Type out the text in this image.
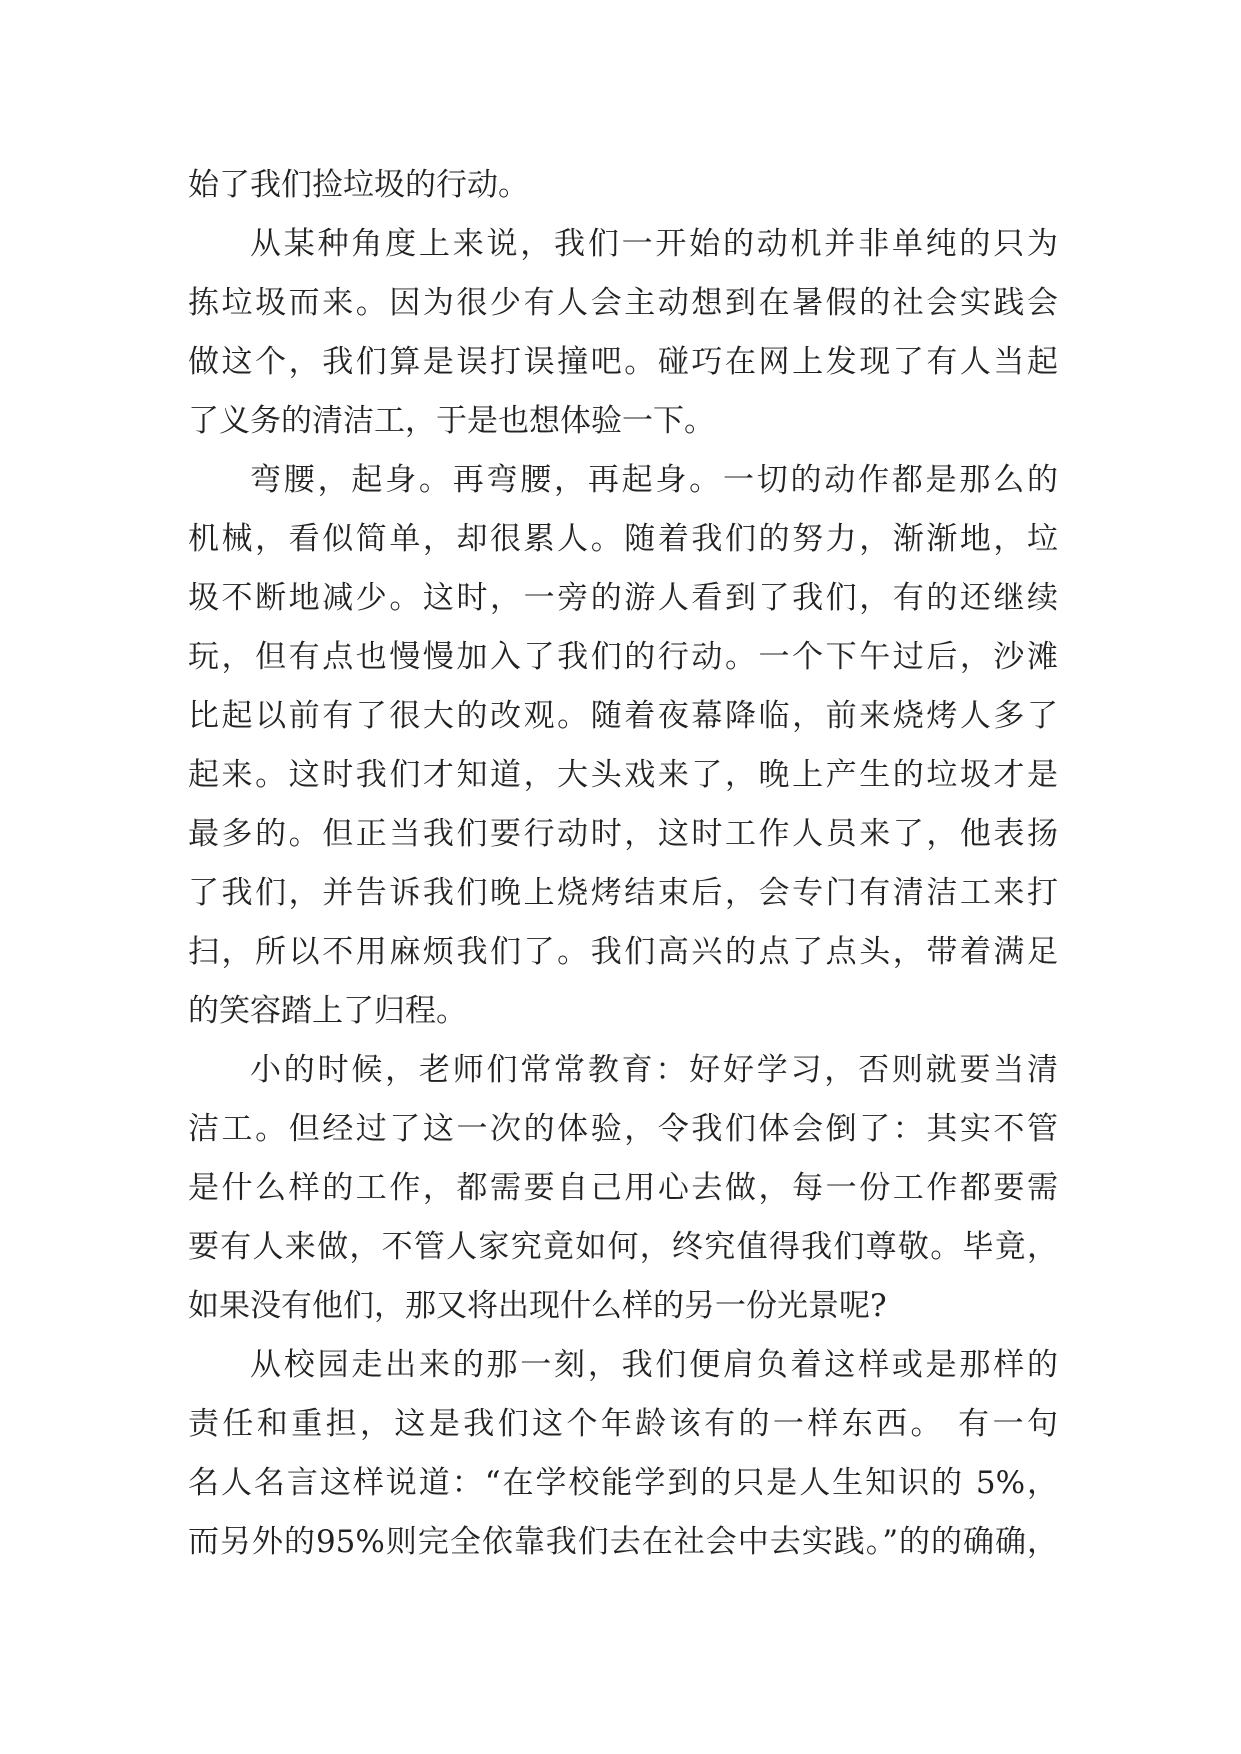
始了我们捡垃圾的行动。
从某种角度上来说，我们一开始的动机并非单纯的只为
拣垃圾而来。因为很少有人会主动想到在暑假的社会实践会
做这个，我们算是误打误撞吧。碰巧在网上发现了有人当起
了义务的清洁工，于是也想体验一下。
弯腰，起身。再弯腰，再起身。一切的动作都是那么的
机械，看似简单，却很累人。随着我们的努力，渐渐地，垃
圾不断地减少。这时，一旁的游人看到了我们，有的还继续
玩，但有点也慢慢加入了我们的行动。一个下午过后，沙滩
比起以前有了很大的改观。随着夜幕降临，前来烧烤人多了
起来。这时我们才知道，大头戏来了，晚上产生的垃圾才是
最多的。但正当我们要行动时，这时工作人员来了，他表扬
了我们，并告诉我们晚上烧烤结束后，会专门有清洁工来打
扫，所以不用麻烦我们了。我们高兴的点了点头，带着满足
的笑容踏上了归程。
小的时候，老师们常常教育：好好学习，否则就要当清
洁工。但经过了这一次的体验，令我们体会倒了：其实不管
是什么样的工作，都需要自己用心去做，每一份工作都要需
要有人来做，不管人家究竟如何，终究值得我们尊敬。毕竟，
如果没有他们，那又将出现什么样的另一份光景呢?
从校园走出来的那一刻，我们便肩负着这样或是那样的
责任和重担，这是我们这个年龄该有的一样东西。 有一句
名人名言这样说道：“在学校能学到的只是人生知识的 5%，
而另外的95%则完全依靠我们去在社会中去实践。”的的确确，
